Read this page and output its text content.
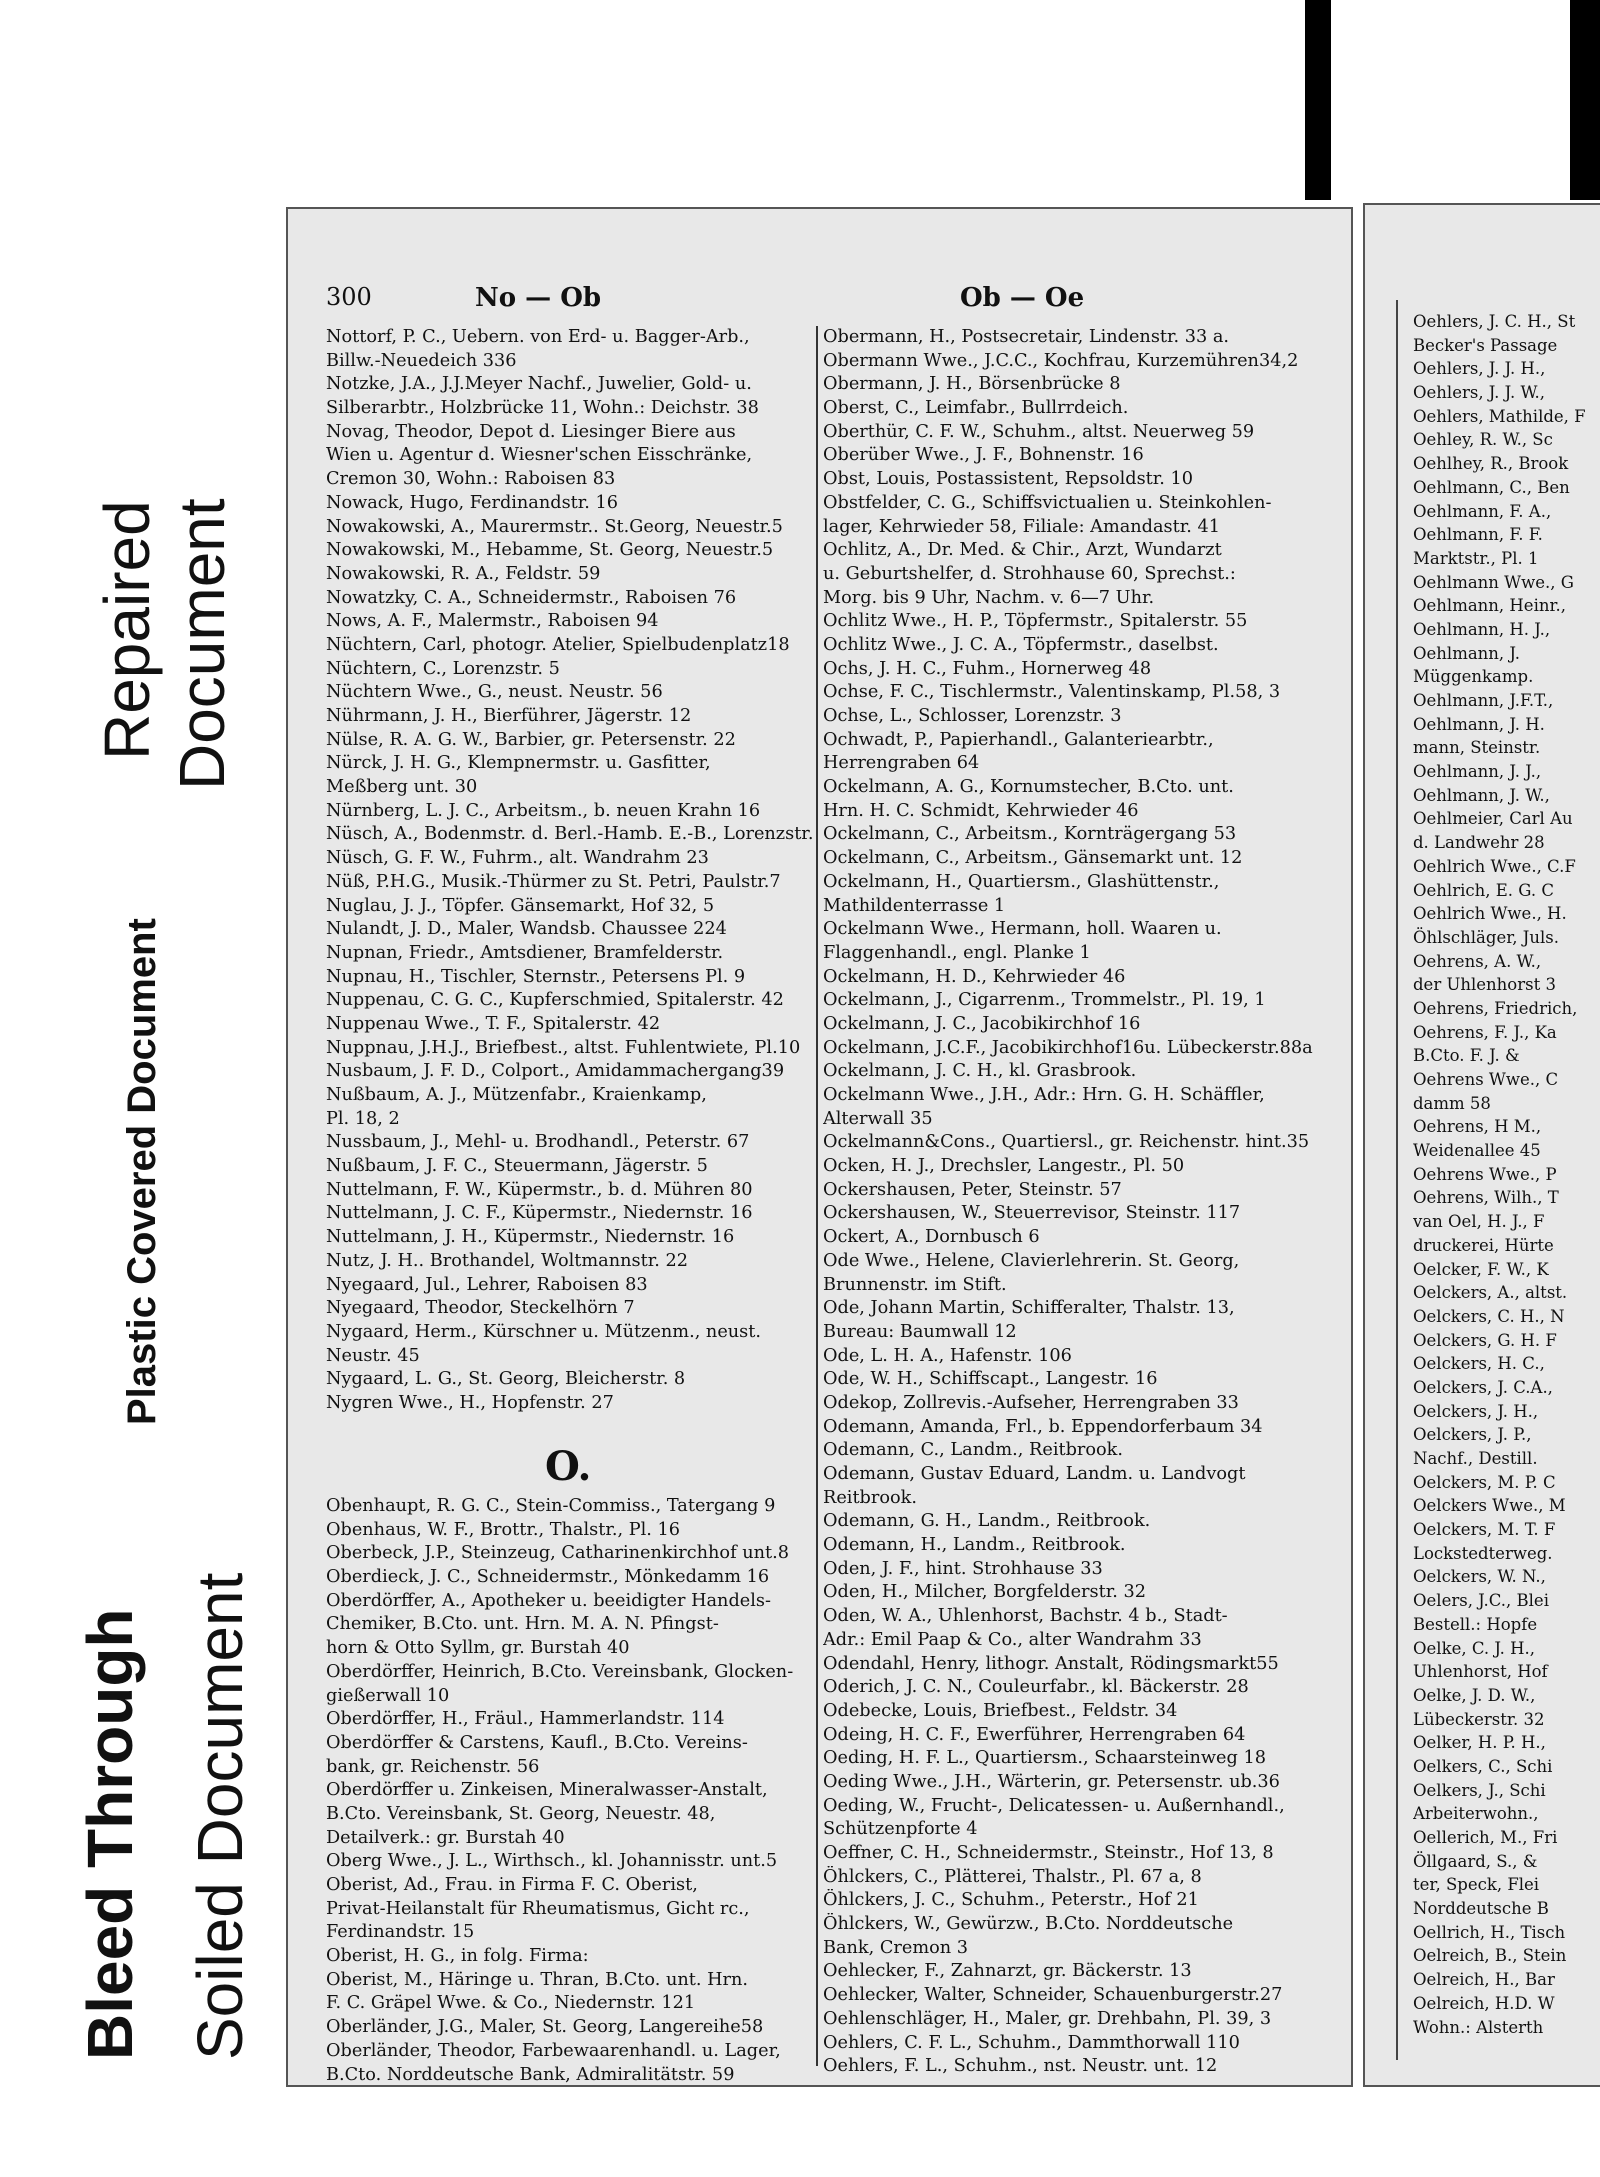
Repaired Document
Plastic Covered Document
Bleed Through Soiled Document
300	No — Ob	Ob — Oe
Nottorf, P. C., Uebern. von Erd- u. Bagger-Arb.,
Billw.-Neuedeich 336
Notzke, J.A., J.J.Meyer Nachf., Juwelier, Gold- u.
Silberarbtr., Holzbrücke 11, Wohn.: Deichstr. 38
Novag, Theodor, Depot d. Liesinger Biere aus
Wien u. Agentur d. Wiesner'schen Eisschränke,
Cremon 30, Wohn.: Raboisen 83
Nowack, Hugo, Ferdinandstr. 16
Nowakowski, A., Maurermstr.. St.Georg, Neuestr.5
Nowakowski, M., Hebamme, St. Georg, Neuestr.5
Nowakowski, R. A., Feldstr. 59
Nowatzky, C. A., Schneidermstr., Raboisen 76
Nows, A. F., Malermstr., Raboisen 94
Nüchtern, Carl, photogr. Atelier, Spielbudenplatz18
Nüchtern, C., Lorenzstr. 5
Nüchtern Wwe., G., neust. Neustr. 56
Nührmann, J. H., Bierführer, Jägerstr. 12
Nülse, R. A. G. W., Barbier, gr. Petersenstr. 22
Nürck, J. H. G., Klempnermstr. u. Gasfitter,
Meßberg unt. 30
Nürnberg, L. J. C., Arbeitsm., b. neuen Krahn 16
Nüsch, A., Bodenmstr. d. Berl.-Hamb. E.-B., Lorenzstr.
Nüsch, G. F. W., Fuhrm., alt. Wandrahm 23
Nüß, P.H.G., Musik.-Thürmer zu St. Petri, Paulstr.7
Nuglau, J. J., Töpfer. Gänsemarkt, Hof 32, 5
Nulandt, J. D., Maler, Wandsb. Chaussee 224
Nupnan, Friedr., Amtsdiener, Bramfelderstr.
Nupnau, H., Tischler, Sternstr., Petersens Pl. 9
Nuppenau, C. G. C., Kupferschmied, Spitalerstr. 42
Nuppenau Wwe., T. F., Spitalerstr. 42
Nuppnau, J.H.J., Briefbest., altst. Fuhlentwiete, Pl.10
Nusbaum, J. F. D., Colport., Amidammachergang39
Nußbaum, A. J., Mützenfabr., Kraienkamp,
Pl. 18, 2
Nussbaum, J., Mehl- u. Brodhandl., Peterstr. 67
Nußbaum, J. F. C., Steuermann, Jägerstr. 5
Nuttelmann, F. W., Küpermstr., b. d. Mühren 80
Nuttelmann, J. C. F., Küpermstr., Niedernstr. 16
Nuttelmann, J. H., Küpermstr., Niedernstr. 16
Nutz, J. H.. Brothandel, Woltmannstr. 22
Nyegaard, Jul., Lehrer, Raboisen 83
Nyegaard, Theodor, Steckelhörn 7
Nygaard, Herm., Kürschner u. Mützenm., neust.
Neustr. 45
Nygaard, L. G., St. Georg, Bleicherstr. 8
Nygren Wwe., H., Hopfenstr. 27
O.
Obenhaupt, R. G. C., Stein-Commiss., Tatergang 9
Obenhaus, W. F., Brottr., Thalstr., Pl. 16
Oberbeck, J.P., Steinzeug, Catharinenkirchhof unt.8
Oberdieck, J. C., Schneidermstr., Mönkedamm 16
Oberdörffer, A., Apotheker u. beeidigter Handels-
Chemiker, B.Cto. unt. Hrn. M. A. N. Pfingst-
horn & Otto Syllm, gr. Burstah 40
Oberdörffer, Heinrich, B.Cto. Vereinsbank, Glocken-
gießerwall 10
Oberdörffer, H., Fräul., Hammerlandstr. 114
Oberdörffer & Carstens, Kaufl., B.Cto. Vereins-
bank, gr. Reichenstr. 56
Oberdörffer u. Zinkeisen, Mineralwasser-Anstalt,
B.Cto. Vereinsbank, St. Georg, Neuestr. 48,
Detailverk.: gr. Burstah 40
Oberg Wwe., J. L., Wirthsch., kl. Johannisstr. unt.5
Oberist, Ad., Frau. in Firma F. C. Oberist,
Privat-Heilanstalt für Rheumatismus, Gicht rc.,
Ferdinandstr. 15
Oberist, H. G., in folg. Firma:
Oberist, M., Häringe u. Thran, B.Cto. unt. Hrn.
F. C. Gräpel Wwe. & Co., Niedernstr. 121
Oberländer, J.G., Maler, St. Georg, Langereihe58
Oberländer, Theodor, Farbewaarenhandl. u. Lager,
B.Cto. Norddeutsche Bank, Admiralitätstr. 59
Obermann, H., Postsecretair, Lindenstr. 33 a.
Obermann Wwe., J.C.C., Kochfrau, Kurzemühren34,2
Obermann, J. H., Börsenbrücke 8
Oberst, C., Leimfabr., Bullrrdeich.
Oberthür, C. F. W., Schuhm., altst. Neuerweg 59
Oberüber Wwe., J. F., Bohnenstr. 16
Obst, Louis, Postassistent, Repsoldstr. 10
Obstfelder, C. G., Schiffsvictualien u. Steinkohlen-
lager, Kehrwieder 58, Filiale: Amandastr. 41
Ochlitz, A., Dr. Med. & Chir., Arzt, Wundarzt
u. Geburtshelfer, d. Strohhause 60, Sprechst.:
Morg. bis 9 Uhr, Nachm. v. 6—7 Uhr.
Ochlitz Wwe., H. P., Töpfermstr., Spitalerstr. 55
Ochlitz Wwe., J. C. A., Töpfermstr., daselbst.
Ochs, J. H. C., Fuhm., Hornerweg 48
Ochse, F. C., Tischlermstr., Valentinskamp, Pl.58, 3
Ochse, L., Schlosser, Lorenzstr. 3
Ochwadt, P., Papierhandl., Galanteriearbtr.,
Herrengraben 64
Ockelmann, A. G., Kornumstecher, B.Cto. unt.
Hrn. H. C. Schmidt, Kehrwieder 46
Ockelmann, C., Arbeitsm., Kornträgergang 53
Ockelmann, C., Arbeitsm., Gänsemarkt unt. 12
Ockelmann, H., Quartiersm., Glashüttenstr.,
Mathildenterrasse 1
Ockelmann Wwe., Hermann, holl. Waaren u.
Flaggenhandl., engl. Planke 1
Ockelmann, H. D., Kehrwieder 46
Ockelmann, J., Cigarrenm., Trommelstr., Pl. 19, 1
Ockelmann, J. C., Jacobikirchhof 16
Ockelmann, J.C.F., Jacobikirchhof16u. Lübeckerstr.88a
Ockelmann, J. C. H., kl. Grasbrook.
Ockelmann Wwe., J.H., Adr.: Hrn. G. H. Schäffler,
Alterwall 35
Ockelmann&Cons., Quartiersl., gr. Reichenstr. hint.35
Ocken, H. J., Drechsler, Langestr., Pl. 50
Ockershausen, Peter, Steinstr. 57
Ockershausen, W., Steuerrevisor, Steinstr. 117
Ockert, A., Dornbusch 6
Ode Wwe., Helene, Clavierlehrerin. St. Georg,
Brunnenstr. im Stift.
Ode, Johann Martin, Schifferalter, Thalstr. 13,
Bureau: Baumwall 12
Ode, L. H. A., Hafenstr. 106
Ode, W. H., Schiffscapt., Langestr. 16
Odekop, Zollrevis.-Aufseher, Herrengraben 33
Odemann, Amanda, Frl., b. Eppendorferbaum 34
Odemann, C., Landm., Reitbrook.
Odemann, Gustav Eduard, Landm. u. Landvogt
Reitbrook.
Odemann, G. H., Landm., Reitbrook.
Odemann, H., Landm., Reitbrook.
Oden, J. F., hint. Strohhause 33
Oden, H., Milcher, Borgfelderstr. 32
Oden, W. A., Uhlenhorst, Bachstr. 4 b., Stadt-
Adr.: Emil Paap & Co., alter Wandrahm 33
Odendahl, Henry, lithogr. Anstalt, Rödingsmarkt55
Oderich, J. C. N., Couleurfabr., kl. Bäckerstr. 28
Odebecke, Louis, Briefbest., Feldstr. 34
Odeing, H. C. F., Ewerführer, Herrengraben 64
Oeding, H. F. L., Quartiersm., Schaarsteinweg 18
Oeding Wwe., J.H., Wärterin, gr. Petersenstr. ub.36
Oeding, W., Frucht-, Delicatessen- u. Außernhandl.,
Schützenpforte 4
Oeffner, C. H., Schneidermstr., Steinstr., Hof 13, 8
Öhlckers, C., Plätterei, Thalstr., Pl. 67 a, 8
Öhlckers, J. C., Schuhm., Peterstr., Hof 21
Öhlckers, W., Gewürzw., B.Cto. Norddeutsche
Bank, Cremon 3
Oehlecker, F., Zahnarzt, gr. Bäckerstr. 13
Oehlecker, Walter, Schneider, Schauenburgerstr.27
Oehlenschläger, H., Maler, gr. Drehbahn, Pl. 39, 3
Oehlers, C. F. L., Schuhm., Dammthorwall 110
Oehlers, F. L., Schuhm., nst. Neustr. unt. 12
Oehlers, J. C. H., St
Becker's Passage
Oehlers, J. J. H.,
Oehlers, J. J. W.,
Oehlers, Mathilde, F
Oehley, R. W., Sc
Oehlhey, R., Brook
Oehlmann, C., Ben
Oehlmann, F. A.,
Oehlmann, F. F.
Marktstr., Pl. 1
Oehlmann Wwe., G
Oehlmann, Heinr.,
Oehlmann, H. J.,
Oehlmann, J.
Müggenkamp.
Oehlmann, J.F.T.,
Oehlmann, J. H.
mann, Steinstr.
Oehlmann, J. J.,
Oehlmann, J. W.,
Oehlmeier, Carl Au
d. Landwehr 28
Oehlrich Wwe., C.F
Oehlrich, E. G. C
Oehlrich Wwe., H.
Öhlschläger, Juls.
Oehrens, A. W.,
der Uhlenhorst 3
Oehrens, Friedrich,
Oehrens, F. J., Ka
B.Cto. F. J. &
Oehrens Wwe., C
damm 58
Oehrens, H M.,
Weidenallee 45
Oehrens Wwe., P
Oehrens, Wilh., T
van Oel, H. J., F
druckerei, Hürte
Oelcker, F. W., K
Oelckers, A., altst.
Oelckers, C. H., N
Oelckers, G. H. F
Oelckers, H. C.,
Oelckers, J. C.A.,
Oelckers, J. H.,
Oelckers, J. P.,
Nachf., Destill.
Oelckers, M. P. C
Oelckers Wwe., M
Oelckers, M. T. F
Lockstedterweg.
Oelckers, W. N.,
Oelers, J.C., Blei
Bestell.: Hopfe
Oelke, C. J. H.,
Uhlenhorst, Hof
Oelke, J. D. W.,
Lübeckerstr. 32
Oelker, H. P. H.,
Oelkers, C., Schi
Oelkers, J., Schi
Arbeiterwohn.,
Oellerich, M., Fri
Öllgaard, S., &
ter, Speck, Flei
Norddeutsche B
Oellrich, H., Tisch
Oelreich, B., Stein
Oelreich, H., Bar
Oelreich, H.D. W
Wohn.: Alsterth
